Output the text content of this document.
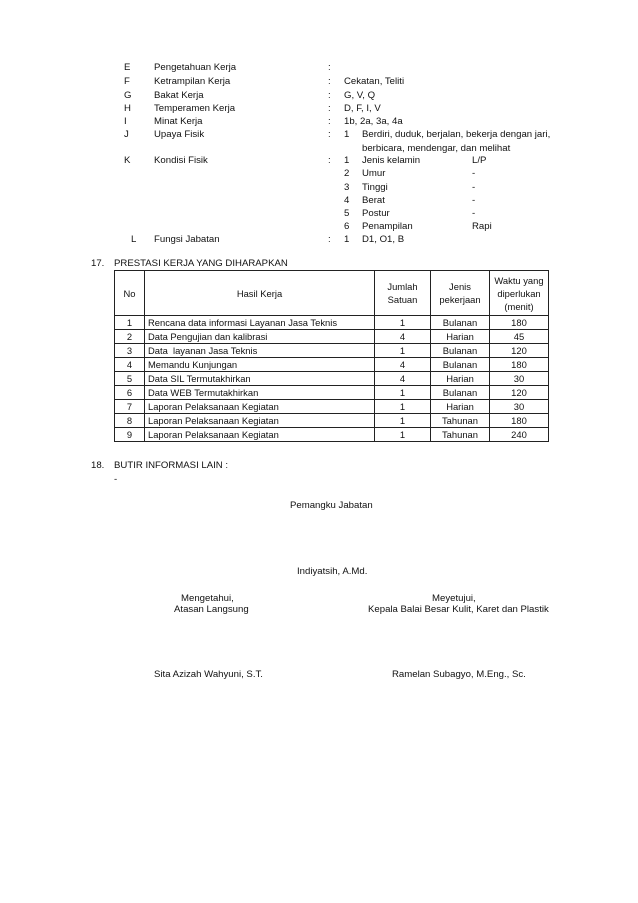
E Pengetahuan Kerja	:
F	Ketrampilan Kerja	: Cekatan, Teliti
G Bakat Kerja	: G, V, Q
H Temperamen Kerja	: D, F, I, V
I	Minat Kerja	: 1b, 2a, 3a, 4a
J	Upaya Fisik	: 1 Berdiri, duduk, berjalan, bekerja dengan jari,
berbicara, mendengar, dan melihat
K Kondisi Fisik	: 1 Jenis kelamin	L/P
2 Umur	-
3 Tinggi	-
4 Berat	-
5 Postur	-
6 Penampilan	Rapi
L Fungsi Jabatan	: 1 D1, O1, B
17. PRESTASI KERJA YANG DIHARAPKAN
No	Hasil Kerja	Jumlah Satuan	Jenis pekerjaan	Waktu yang diperlukan (menit)
1	Rencana data informasi Layanan Jasa Teknis	1	Bulanan	180
2	Data Pengujian dan kalibrasi	4	Harian	45
3	Data  layanan Jasa Teknis	1	Bulanan	120
4	Memandu Kunjungan	4	Bulanan	180
5	Data SIL Termutakhirkan	4	Harian	30
6	Data WEB Termutakhirkan	1	Bulanan	120
7	Laporan Pelaksanaan Kegiatan	1	Harian	30
8	Laporan Pelaksanaan Kegiatan	1	Tahunan	180
9	Laporan Pelaksanaan Kegiatan	1	Tahunan	240
18. BUTIR INFORMASI LAIN :
-
Pemangku Jabatan
Indiyatsih, A.Md.
Mengetahui,
Atasan Langsung
Sita Azizah Wahyuni, S.T.
Meyetujui,
Kepala Balai Besar Kulit, Karet dan Plastik
Ramelan Subagyo, M.Eng., Sc.
